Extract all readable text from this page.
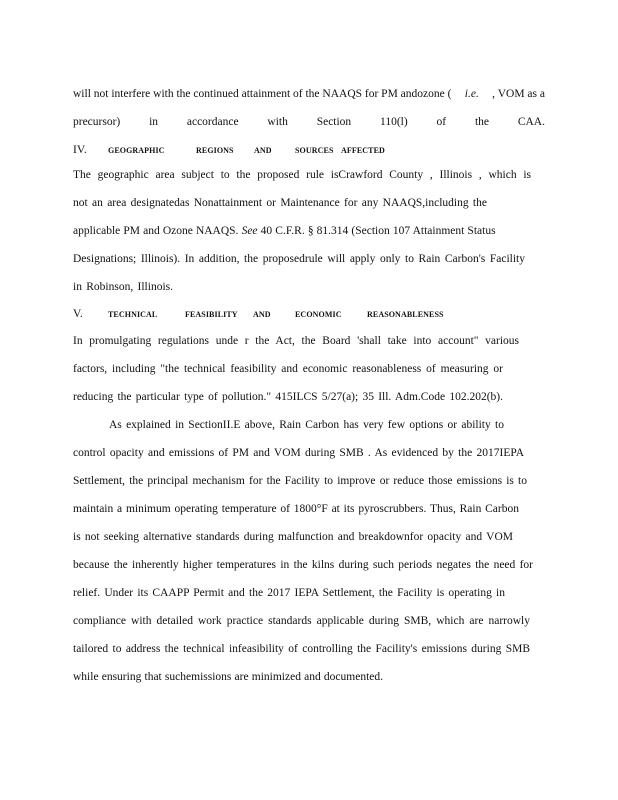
will not interfere with the continued attainment of the NAAQS for PM andozone ( i.e. , VOM as a
precursor) in accordance with Section 110(l) of the CAA.
IV.	GEOGRAPHIC	REGIONS	AND	SOURCES AFFECTED
The geographic area subject to the proposed rule isCrawford County , Illinois , which is
not an area designatedas Nonattainment or Maintenance for any NAAQS,including the
applicable PM and Ozone NAAQS. See 40 C.F.R. § 81.314 (Section 107 Attainment Status
Designations; Illinois). In addition, the proposedrule will apply only to Rain Carbon's Facility
in Robinson, Illinois.
V.	TECHNICAL	FEASIBILITY AND	ECONOMIC	REASONABLENESS
In promulgating regulations unde r the Act, the Board 'shall take into account" various
factors, including "the technical feasibility and economic reasonableness of measuring or
reducing the particular type of pollution." 415ILCS 5/27(a); 35 Ill. Adm.Code 102.202(b).
As explained in SectionII.E above, Rain Carbon has very few options or ability to
control opacity and emissions of PM and VOM during SMB . As evidenced by the 2017IEPA
Settlement, the principal mechanism for the Facility to improve or reduce those emissions is to
maintain a minimum operating temperature of 1800°F at its pyroscrubbers. Thus, Rain Carbon
is not seeking alternative standards during malfunction and breakdownfor opacity and VOM
because the inherently higher temperatures in the kilns during such periods negates the need for
relief. Under its CAAPP Permit and the 2017 IEPA Settlement, the Facility is operating in
compliance with detailed work practice standards applicable during SMB, which are narrowly
tailored to address the technical infeasibility of controlling the Facility's emissions during SMB
while ensuring that suchemissions are minimized and documented.
